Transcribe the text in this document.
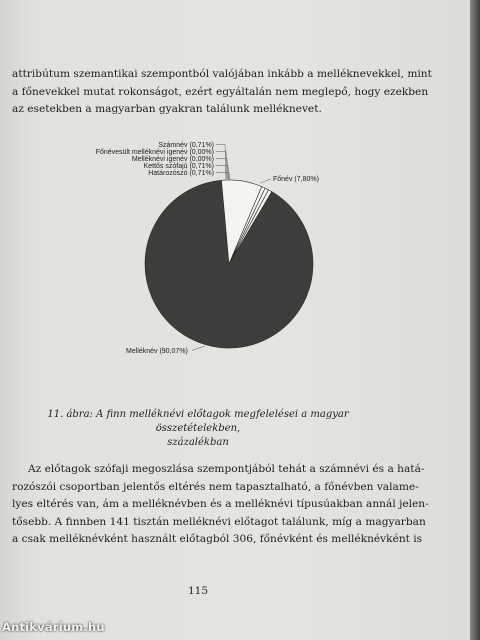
attribútum szemantikai szempontból valójában inkább a melléknevekkel, mint
a főnevekkel mutat rokonságot, ezért egyáltalán nem meglepő, hogy ezekben
az esetekben a magyarban gyakran találunk melléknevet.
Melléknév (90,07%)
Főnév (7,80%)
Számnév (0,71%)
Főnévesült melléknévi igenév (0,00%)
Melléknévi igenév (0,00%)
Kettős szófajú (0,71%)
Határozószó (0,71%)
11. ábra: A finn melléknévi előtagok megfelelései a magyar összetételekben,
százalékban
Az előtagok szófaji megoszlása szempontjából tehát a számnévi és a hatá-
rozószói csoportban jelentős eltérés nem tapasztalható, a főnévben valame-
lyes eltérés van, ám a melléknévben és a melléknévi típusúakban annál jelen-
tősebb. A finnben 141 tisztán melléknévi előtagot találunk, míg a magyarban
a csak melléknévként használt előtagból 306, főnévként és melléknévként is
115
Antikvárium.hu
